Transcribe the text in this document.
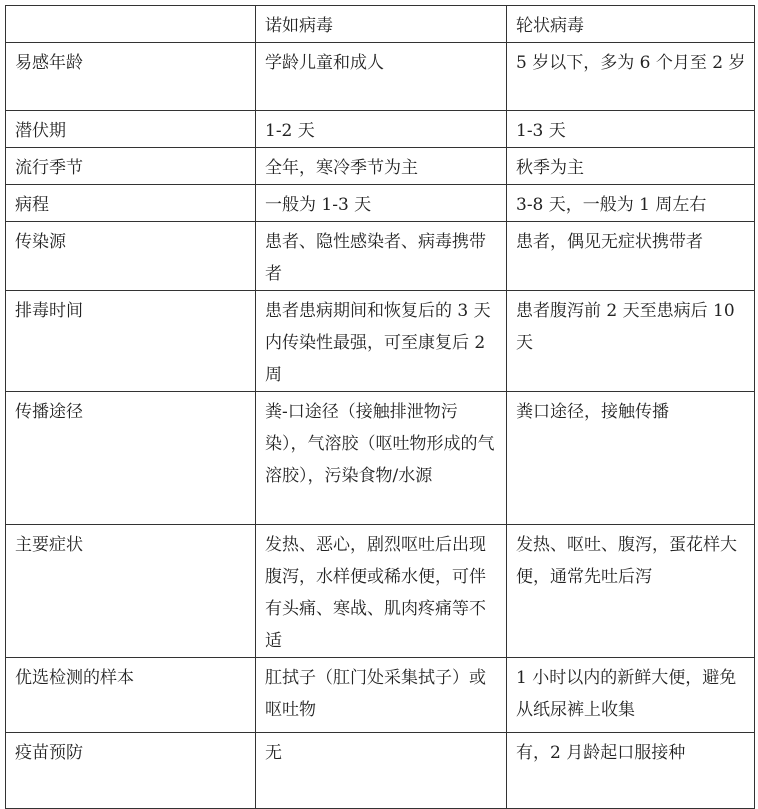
	诺如病毒	轮状病毒
易感年龄	学龄儿童和成人	5 岁以下，多为 6 个月至 2 岁
潜伏期	1-2 天	1-3 天
流行季节	全年，寒冷季节为主	秋季为主
病程	一般为 1-3 天	3-8 天，一般为 1 周左右
传染源	患者、隐性感染者、病毒携带者	患者，偶见无症状携带者
排毒时间	患者患病期间和恢复后的 3 天内传染性最强，可至康复后 2 周	患者腹泻前 2 天至患病后 10 天
传播途径	粪-口途径（接触排泄物污染），气溶胶（呕吐物形成的气溶胶），污染食物/水源	粪口途径，接触传播
主要症状	发热、恶心，剧烈呕吐后出现腹泻，水样便或稀水便，可伴有头痛、寒战、肌肉疼痛等不适	发热、呕吐、腹泻，蛋花样大便，通常先吐后泻
优选检测的样本	肛拭子（肛门处采集拭子）或呕吐物	1 小时以内的新鲜大便，避免从纸尿裤上收集
疫苗预防	无	有，2 月龄起口服接种
